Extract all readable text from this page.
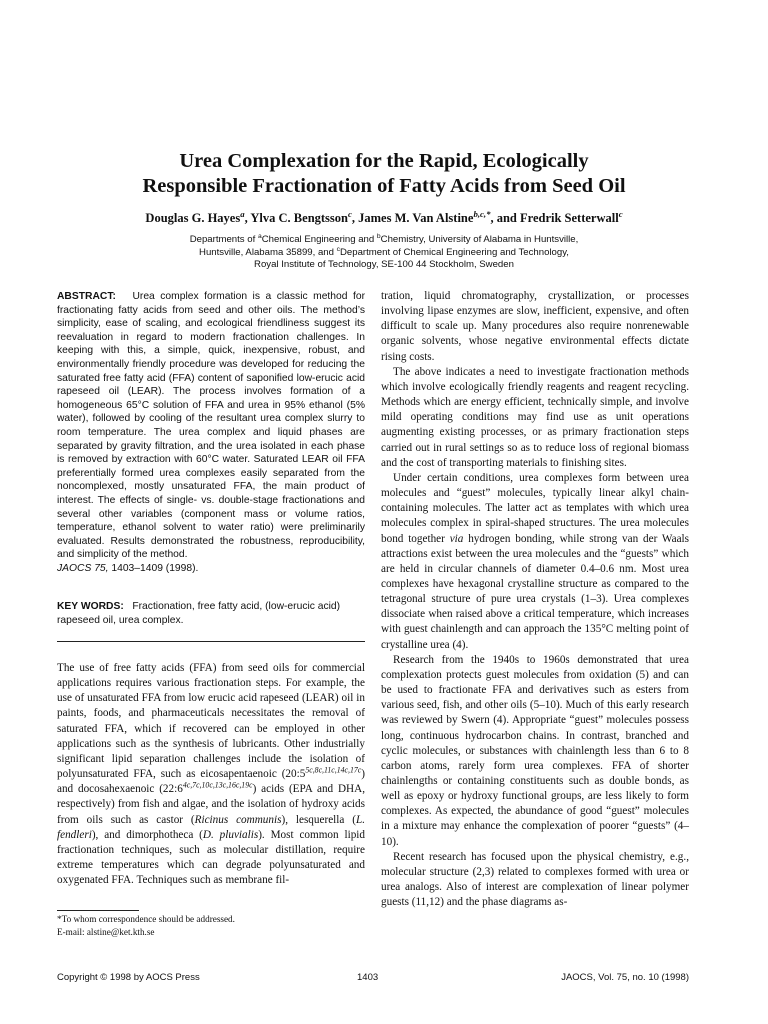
Urea Complexation for the Rapid, Ecologically
Responsible Fractionation of Fatty Acids from Seed Oil
Douglas G. Hayes$^a$, Ylva C. Bengtsson$^c$, James M. Van Alstine$^{b,c,*}$, and Fredrik Setterwall$^c$
Departments of $^a$Chemical Engineering and $^b$Chemistry, University of Alabama in Huntsville,
Huntsville, Alabama 35899, and $^c$Department of Chemical Engineering and Technology,
Royal Institute of Technology, SE-100 44 Stockholm, Sweden
ABSTRACT: Urea complex formation is a classic method for fractionating fatty acids from seed and other oils. The method’s simplicity, ease of scaling, and ecological friendliness suggest its reevaluation in regard to modern fractionation challenges. In keeping with this, a simple, quick, inexpensive, robust, and environmentally friendly procedure was developed for reducing the saturated free fatty acid (FFA) content of saponified low-erucic acid rapeseed oil (LEAR). The process involves formation of a homogeneous 65°C solution of FFA and urea in 95% ethanol (5% water), followed by cooling of the resultant urea complex slurry to room temperature. The urea complex and liquid phases are separated by gravity filtration, and the urea isolated in each phase is removed by extraction with 60°C water. Saturated LEAR oil FFA preferentially formed urea complexes easily separated from the noncomplexed, mostly unsaturated FFA, the main product of interest. The effects of single- vs. double-stage fractionations and several other variables (component mass or volume ratios, temperature, ethanol solvent to water ratio) were preliminarily evaluated. Results demonstrated the robustness, reproducibility, and simplicity of the method.
JAOCS 75, 1403–1409 (1998).
KEY WORDS: Fractionation, free fatty acid, (low-erucic acid) rapeseed oil, urea complex.

The use of free fatty acids (FFA) from seed oils for commercial applications requires various fractionation steps. For example, the use of unsaturated FFA from low erucic acid rapeseed (LEAR) oil in paints, foods, and pharmaceuticals necessitates the removal of saturated FFA, which if recovered can be employed in other applications such as the synthesis of lubricants. Other industrially significant lipid separation challenges include the isolation of polyunsaturated FFA, such as eicosapentaenoic $(20:5^{5c,8c,11c,14c,17c})$ and docosahexaenoic $(22:6^{4c,7c,10c,13c,16c,19c})$ acids (EPA and DHA, respectively) from fish and algae, and the isolation of hydroxy acids from oils such as castor (Ricinus communis), lesquerella (L. fendleri), and dimorphotheca (D. pluvialis). Most common lipid fractionation techniques, such as molecular distillation, require extreme temperatures which can degrade polyunsaturated and oxygenated FFA. Techniques such as membrane fil-

*To whom correspondence should be addressed.
E-mail: alstine@ket.kth.se

tration, liquid chromatography, crystallization, or processes involving lipase enzymes are slow, inefficient, expensive, and often difficult to scale up. Many procedures also require nonrenewable organic solvents, whose negative environmental effects dictate rising costs.

The above indicates a need to investigate fractionation methods which involve ecologically friendly reagents and reagent recycling. Methods which are energy efficient, technically simple, and involve mild operating conditions may find use as unit operations augmenting existing processes, or as primary fractionation steps carried out in rural settings so as to reduce loss of regional biomass and the cost of transporting materials to finishing sites.

Under certain conditions, urea complexes form between urea molecules and “guest” molecules, typically linear alkyl chain-containing molecules. The latter act as templates with which urea molecules complex in spiral-shaped structures. The urea molecules bond together via hydrogen bonding, while strong van der Waals attractions exist between the urea molecules and the “guests” which are held in circular channels of diameter 0.4–0.6 nm. Most urea complexes have hexagonal crystalline structure as compared to the tetragonal structure of pure urea crystals (1–3). Urea complexes dissociate when raised above a critical temperature, which increases with guest chainlength and can approach the 135°C melting point of crystalline urea (4).

Research from the 1940s to 1960s demonstrated that urea complexation protects guest molecules from oxidation (5) and can be used to fractionate FFA and derivatives such as esters from various seed, fish, and other oils (5–10). Much of this early research was reviewed by Swern (4). Appropriate “guest” molecules possess long, continuous hydrocarbon chains. In contrast, branched and cyclic molecules, or substances with chainlength less than 6 to 8 carbon atoms, rarely form urea complexes. FFA of shorter chainlengths or containing constituents such as double bonds, as well as epoxy or hydroxy functional groups, are less likely to form complexes. As expected, the abundance of good “guest” molecules in a mixture may enhance the complexation of poorer “guests” (4–10).

Recent research has focused upon the physical chemistry, e.g., molecular structure (2,3) related to complexes formed with urea or urea analogs. Also of interest are complexation of linear polymer guests (11,12) and the phase diagrams as-

Copyright © 1998 by AOCS Press	1403	JAOCS, Vol. 75, no. 10 (1998)
